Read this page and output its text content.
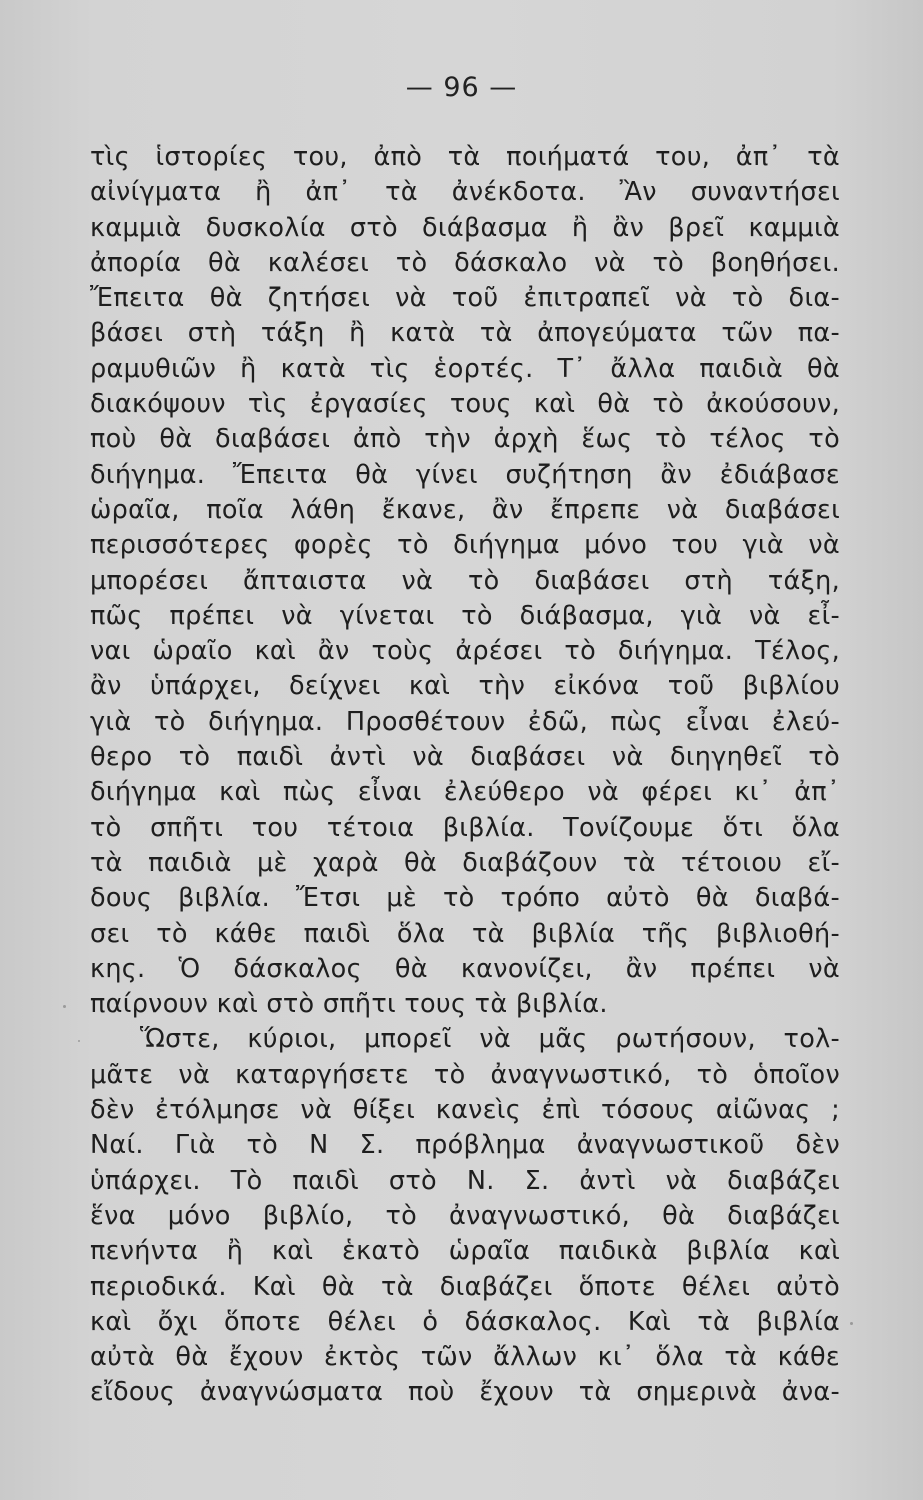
— 96 —
τὶς ἱστορίες του, ἀπὸ τὰ ποιήματά του, ἀπ᾽ τὰ
αἰνίγματα ἢ ἀπ᾽ τὰ ἀνέκδοτα. Ἂν συναντήσει
καμμιὰ δυσκολία στὸ διάβασμα ἢ ἂν βρεῖ καμμιὰ
ἀπορία θὰ καλέσει τὸ δάσκαλο νὰ τὸ βοηθήσει.
Ἔπειτα θὰ ζητήσει νὰ τοῦ ἐπιτραπεῖ νὰ τὸ δια-
βάσει στὴ τάξη ἢ κατὰ τὰ ἀπογεύματα τῶν πα-
ραμυθιῶν ἢ κατὰ τὶς ἑορτές. Τ᾽ ἄλλα παιδιὰ θὰ
διακόψουν τὶς ἐργασίες τους καὶ θὰ τὸ ἀκούσουν,
ποὺ θὰ διαβάσει ἀπὸ τὴν ἀρχὴ ἕως τὸ τέλος τὸ
διήγημα. Ἔπειτα θὰ γίνει συζήτηση ἂν ἐδιάβασε
ὡραῖα, ποῖα λάθη ἔκανε, ἂν ἔπρεπε νὰ διαβάσει
περισσότερες φορὲς τὸ διήγημα μόνο του γιὰ νὰ
μπορέσει ἄπταιστα νὰ τὸ διαβάσει στὴ τάξη,
πῶς πρέπει νὰ γίνεται τὸ διάβασμα, γιὰ νὰ εἶ-
ναι ὡραῖο καὶ ἂν τοὺς ἀρέσει τὸ διήγημα. Τέλος,
ἂν ὑπάρχει, δείχνει καὶ τὴν εἰκόνα τοῦ βιβλίου
γιὰ τὸ διήγημα. Προσθέτουν ἐδῶ, πὼς εἶναι ἐλεύ-
θερο τὸ παιδὶ ἀντὶ νὰ διαβάσει νὰ διηγηθεῖ τὸ
διήγημα καὶ πὼς εἶναι ἐλεύθερο νὰ φέρει κι᾽ ἀπ᾽
τὸ σπῆτι του τέτοια βιβλία. Τονίζουμε ὅτι ὅλα
τὰ παιδιὰ μὲ χαρὰ θὰ διαβάζουν τὰ τέτοιου εἴ-
δους βιβλία. Ἔτσι μὲ τὸ τρόπο αὐτὸ θὰ διαβά-
σει τὸ κάθε παιδὶ ὅλα τὰ βιβλία τῆς βιβλιοθή-
κης. Ὁ δάσκαλος θὰ κανονίζει, ἂν πρέπει νὰ
παίρνουν καὶ στὸ σπῆτι τους τὰ βιβλία.
Ὥστε, κύριοι, μπορεῖ νὰ μᾶς ρωτήσουν, τολ-
μᾶτε νὰ καταργήσετε τὸ ἀναγνωστικό, τὸ ὁποῖον
δὲν ἐτόλμησε νὰ θίξει κανεὶς ἐπὶ τόσους αἰῶνας ;
Ναί. Γιὰ τὸ Ν Σ. πρόβλημα ἀναγνωστικοῦ δὲν
ὑπάρχει. Τὸ παιδὶ στὸ Ν. Σ. ἀντὶ νὰ διαβάζει
ἕνα μόνο βιβλίο, τὸ ἀναγνωστικό, θὰ διαβάζει
πενήντα ἢ καὶ ἑκατὸ ὡραῖα παιδικὰ βιβλία καὶ
περιοδικά. Καὶ θὰ τὰ διαβάζει ὅποτε θέλει αὐτὸ
καὶ ὄχι ὅποτε θέλει ὁ δάσκαλος. Καὶ τὰ βιβλία
αὐτὰ θὰ ἔχουν ἐκτὸς τῶν ἄλλων κι᾽ ὅλα τὰ κάθε
εἴδους ἀναγνώσματα ποὺ ἔχουν τὰ σημερινὰ ἀνα-
